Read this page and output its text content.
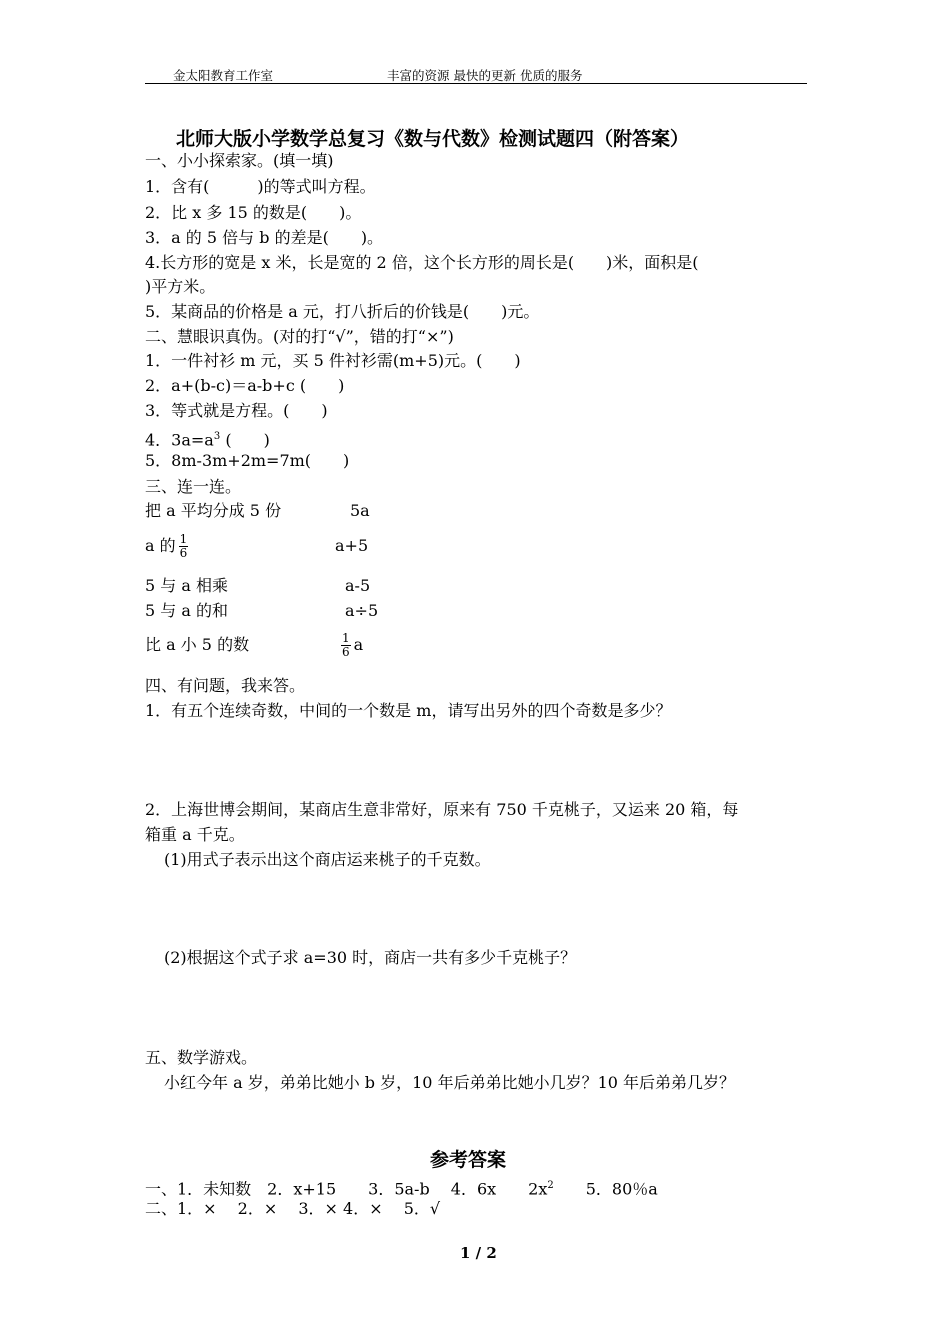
金太阳教育工作室	丰富的资源 最快的更新 优质的服务
北师大版小学数学总复习《数与代数》检测试题四（附答案）
一、小小探索家。(填一填)
1．含有(　　　)的等式叫方程。
2．比 x 多 15 的数是(　　)。
3．a 的 5 倍与 b 的差是(　　)。
4.长方形的宽是 x 米，长是宽的 2 倍，这个长方形的周长是(　　)米，面积是(
)平方米。
5．某商品的价格是 a 元，打八折后的价钱是(　　)元。
二、慧眼识真伪。(对的打“√”，错的打“×”)
1．一件衬衫 m 元，买 5 件衬衫需(m+5)元。(　　)
2．a+(b-c)＝a-b+c (　　)
3．等式就是方程。(　　)
4．$3a=a^3$ (　　)
5．8m-3m+2m=7m(　　)
三、连一连。
把 a 平均分成 5 份	5a
a 的 $\frac{1}{6}$	a+5
5 与 a 相乘	a-5
5 与 a 的和	a÷5
比 a 小 5 的数	$\frac{1}{6}$ a
四、有问题，我来答。
1．有五个连续奇数，中间的一个数是 m，请写出另外的四个奇数是多少？
2．上海世博会期间，某商店生意非常好，原来有 750 千克桃子，又运来 20 箱，每
箱重 a 千克。
(1)用式子表示出这个商店运来桃子的千克数。
(2)根据这个式子求 a=30 时，商店一共有多少千克桃子？
五、数学游戏。
小红今年 a 岁，弟弟比她小 b 岁，10 年后弟弟比她小几岁？10 年后弟弟几岁？
参考答案
一、1．未知数　2．x+15　　3．5a-b　 4．6x　　$2x^2$　　5．80％a
二、1．×　 2．×　 3．× 4．×　 5．√
1 / 2
